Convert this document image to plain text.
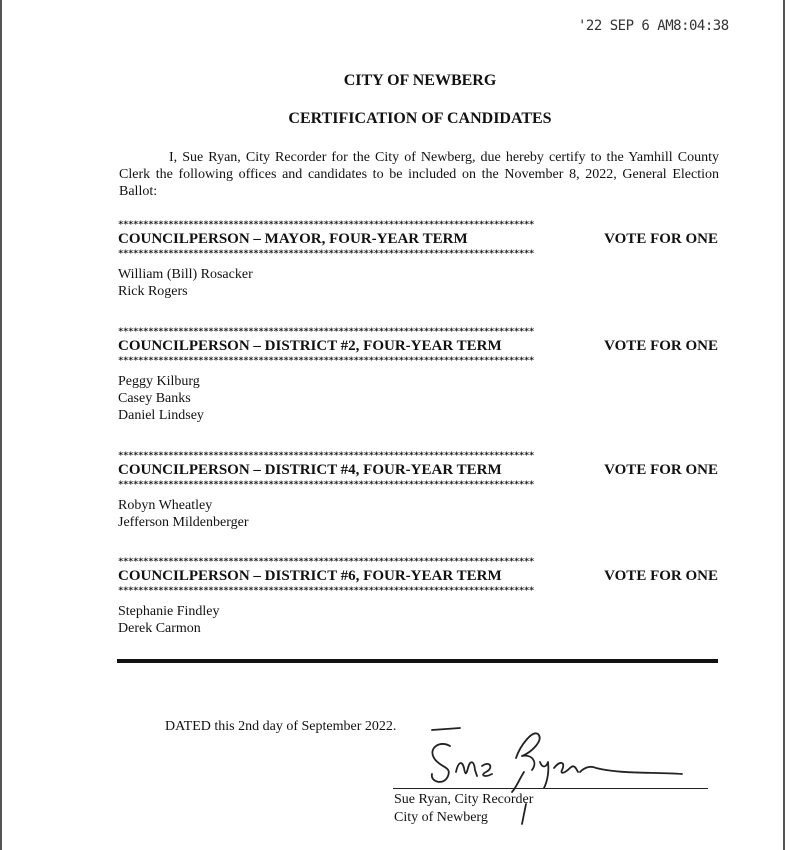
'22 SEP 6 AM8:04:38
CITY OF NEWBERG
CERTIFICATION OF CANDIDATES

I, Sue Ryan, City Recorder for the City of Newberg, due hereby certify to the Yamhill County Clerk the following offices and candidates to be included on the November 8, 2022, General Election Ballot:

***********************************************************************************
COUNCILPERSON – MAYOR, FOUR-YEAR TERM	VOTE FOR ONE
***********************************************************************************
William (Bill) Rosacker
Rick Rogers
***********************************************************************************
COUNCILPERSON – DISTRICT #2, FOUR-YEAR TERM	VOTE FOR ONE
***********************************************************************************
Peggy Kilburg
Casey Banks
Daniel Lindsey
***********************************************************************************
COUNCILPERSON – DISTRICT #4, FOUR-YEAR TERM	VOTE FOR ONE
***********************************************************************************
Robyn Wheatley
Jefferson Mildenberger
***********************************************************************************
COUNCILPERSON – DISTRICT #6, FOUR-YEAR TERM	VOTE FOR ONE
***********************************************************************************
Stephanie Findley
Derek Carmon
DATED this 2nd day of September 2022.
Sue Ryan, City Recorder
City of Newberg
